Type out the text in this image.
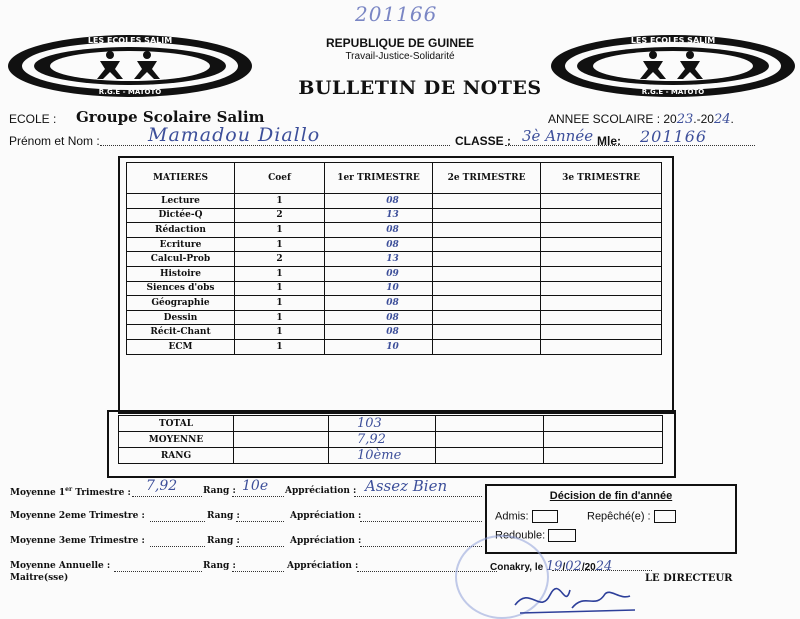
201166
LES ECOLES SALIM
R.G.E - MATOTO
LES ECOLES SALIM
R.G.E - MATOTO
REPUBLIQUE DE GUINEE
Travail-Justice-Solidarité
BULLETIN DE NOTES
ECOLE : Groupe Scolaire Salim	ANNEE SCOLAIRE : 2023.-2024.
Prénom et Nom :	Mamadou Diallo	CLASSE : 3è Année Mle: 201166
MATIERES	Coef	1er TRIMESTRE	2e TRIMESTRE	3e TRIMESTRE
Lecture	1	08		
Dictée-Q	2	13		
Rédaction	1	08		
Ecriture	1	08		
Calcul-Prob	2	13		
Histoire	1	09		
Siences d'obs	1	10		
Géographie	1	08		
Dessin	1	08		
Récit-Chant	1	08		
ECM	1	10		
TOTAL		103		
MOYENNE		7,92		
RANG		10ème		
Moyenne 1er Trimestre : 7,92	Rang : 10e Appréciation : Assez Bien
Moyenne 2eme Trimestre :	Rang :	Appréciation :
Moyenne 3eme Trimestre :	Rang :	Appréciation :
Moyenne Annuelle :	Rang :	Appréciation :
Maitre(sse)
Décision de fin d'année
Admis:	Repêché(e) :
Redouble:
Conakry, le 19/02/2024
LE DIRECTEUR
